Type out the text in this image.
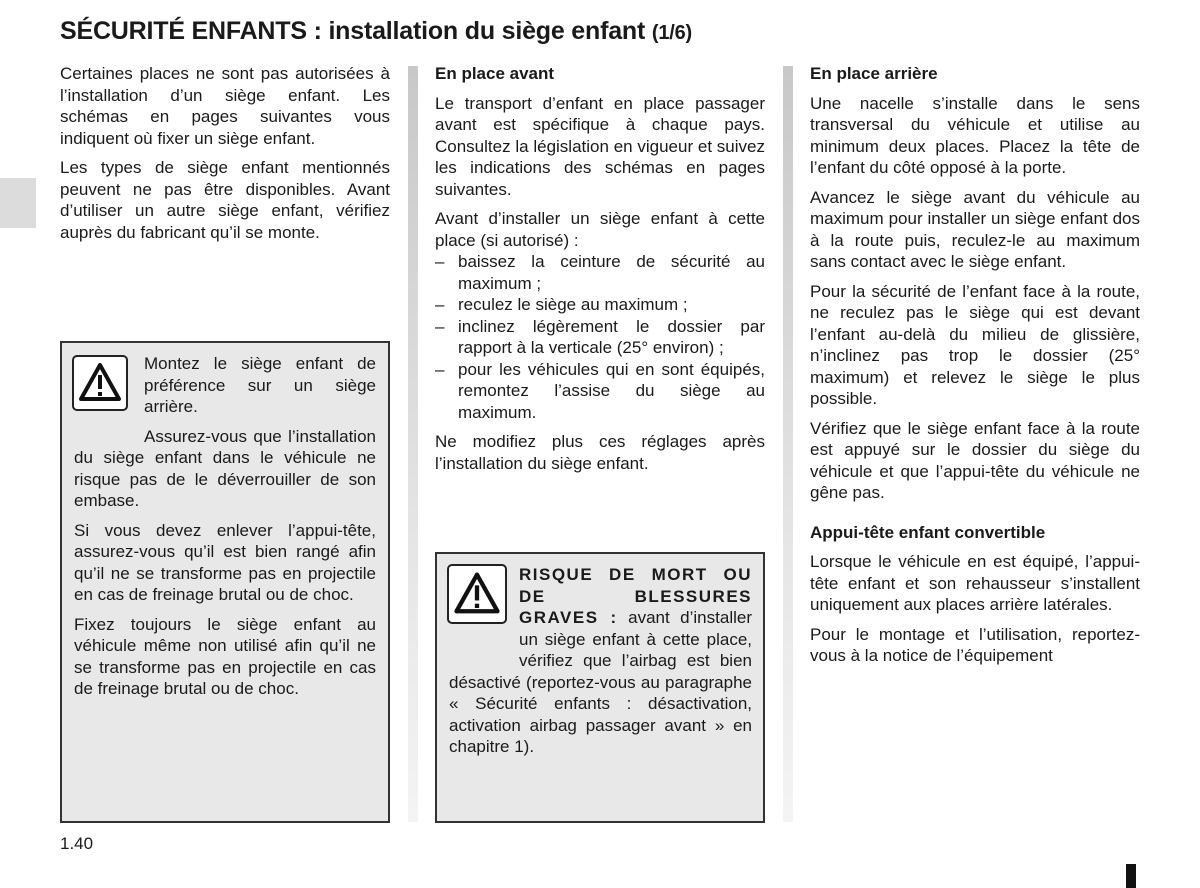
SÉCURITÉ ENFANTS : installation du siège enfant (1/6)

Certaines places ne sont pas autorisées à l’installation d’un siège enfant. Les schémas en pages suivantes vous indiquent où fixer un siège enfant.

Les types de siège enfant mentionnés peuvent ne pas être disponibles. Avant d’utiliser un autre siège enfant, vérifiez auprès du fabricant qu’il se monte.

Montez le siège enfant de préférence sur un siège arrière.

Assurez-vous que l’installation du siège enfant dans le véhicule ne risque pas de le déverrouiller de son embase.

Si vous devez enlever l’appui-tête, assurez-vous qu’il est bien rangé afin qu’il ne se transforme pas en projectile en cas de freinage brutal ou de choc.

Fixez toujours le siège enfant au véhicule même non utilisé afin qu’il ne se transforme pas en projectile en cas de freinage brutal ou de choc.

En place avant

Le transport d’enfant en place passager avant est spécifique à chaque pays. Consultez la législation en vigueur et suivez les indications des schémas en pages suivantes.

Avant d’installer un siège enfant à cette place (si autorisé) :

– baissez la ceinture de sécurité au maximum ;
– reculez le siège au maximum ;
– inclinez légèrement le dossier par rapport à la verticale (25° environ) ;
– pour les véhicules qui en sont équipés, remontez l’assise du siège au maximum.

Ne modifiez plus ces réglages après l’installation du siège enfant.

RISQUE DE MORT OU DE BLESSURES GRAVES : avant d’installer un siège enfant à cette place, vérifiez que l’airbag est bien désactivé (reportez-vous au paragraphe « Sécurité enfants : désactivation, activation airbag passager avant » en chapitre 1).

En place arrière

Une nacelle s’installe dans le sens transversal du véhicule et utilise au minimum deux places. Placez la tête de l’enfant du côté opposé à la porte.

Avancez le siège avant du véhicule au maximum pour installer un siège enfant dos à la route puis, reculez-le au maximum sans contact avec le siège enfant.

Pour la sécurité de l’enfant face à la route, ne reculez pas le siège qui est devant l’enfant au-delà du milieu de glissière, n’inclinez pas trop le dossier (25° maximum) et relevez le siège le plus possible.

Vérifiez que le siège enfant face à la route est appuyé sur le dossier du siège du véhicule et que l’appui-tête du véhicule ne gêne pas.

Appui-tête enfant convertible

Lorsque le véhicule en est équipé, l’appui-tête enfant et son rehausseur s’installent uniquement aux places arrière latérales.

Pour le montage et l’utilisation, reportez-vous à la notice de l’équipement

1.40
